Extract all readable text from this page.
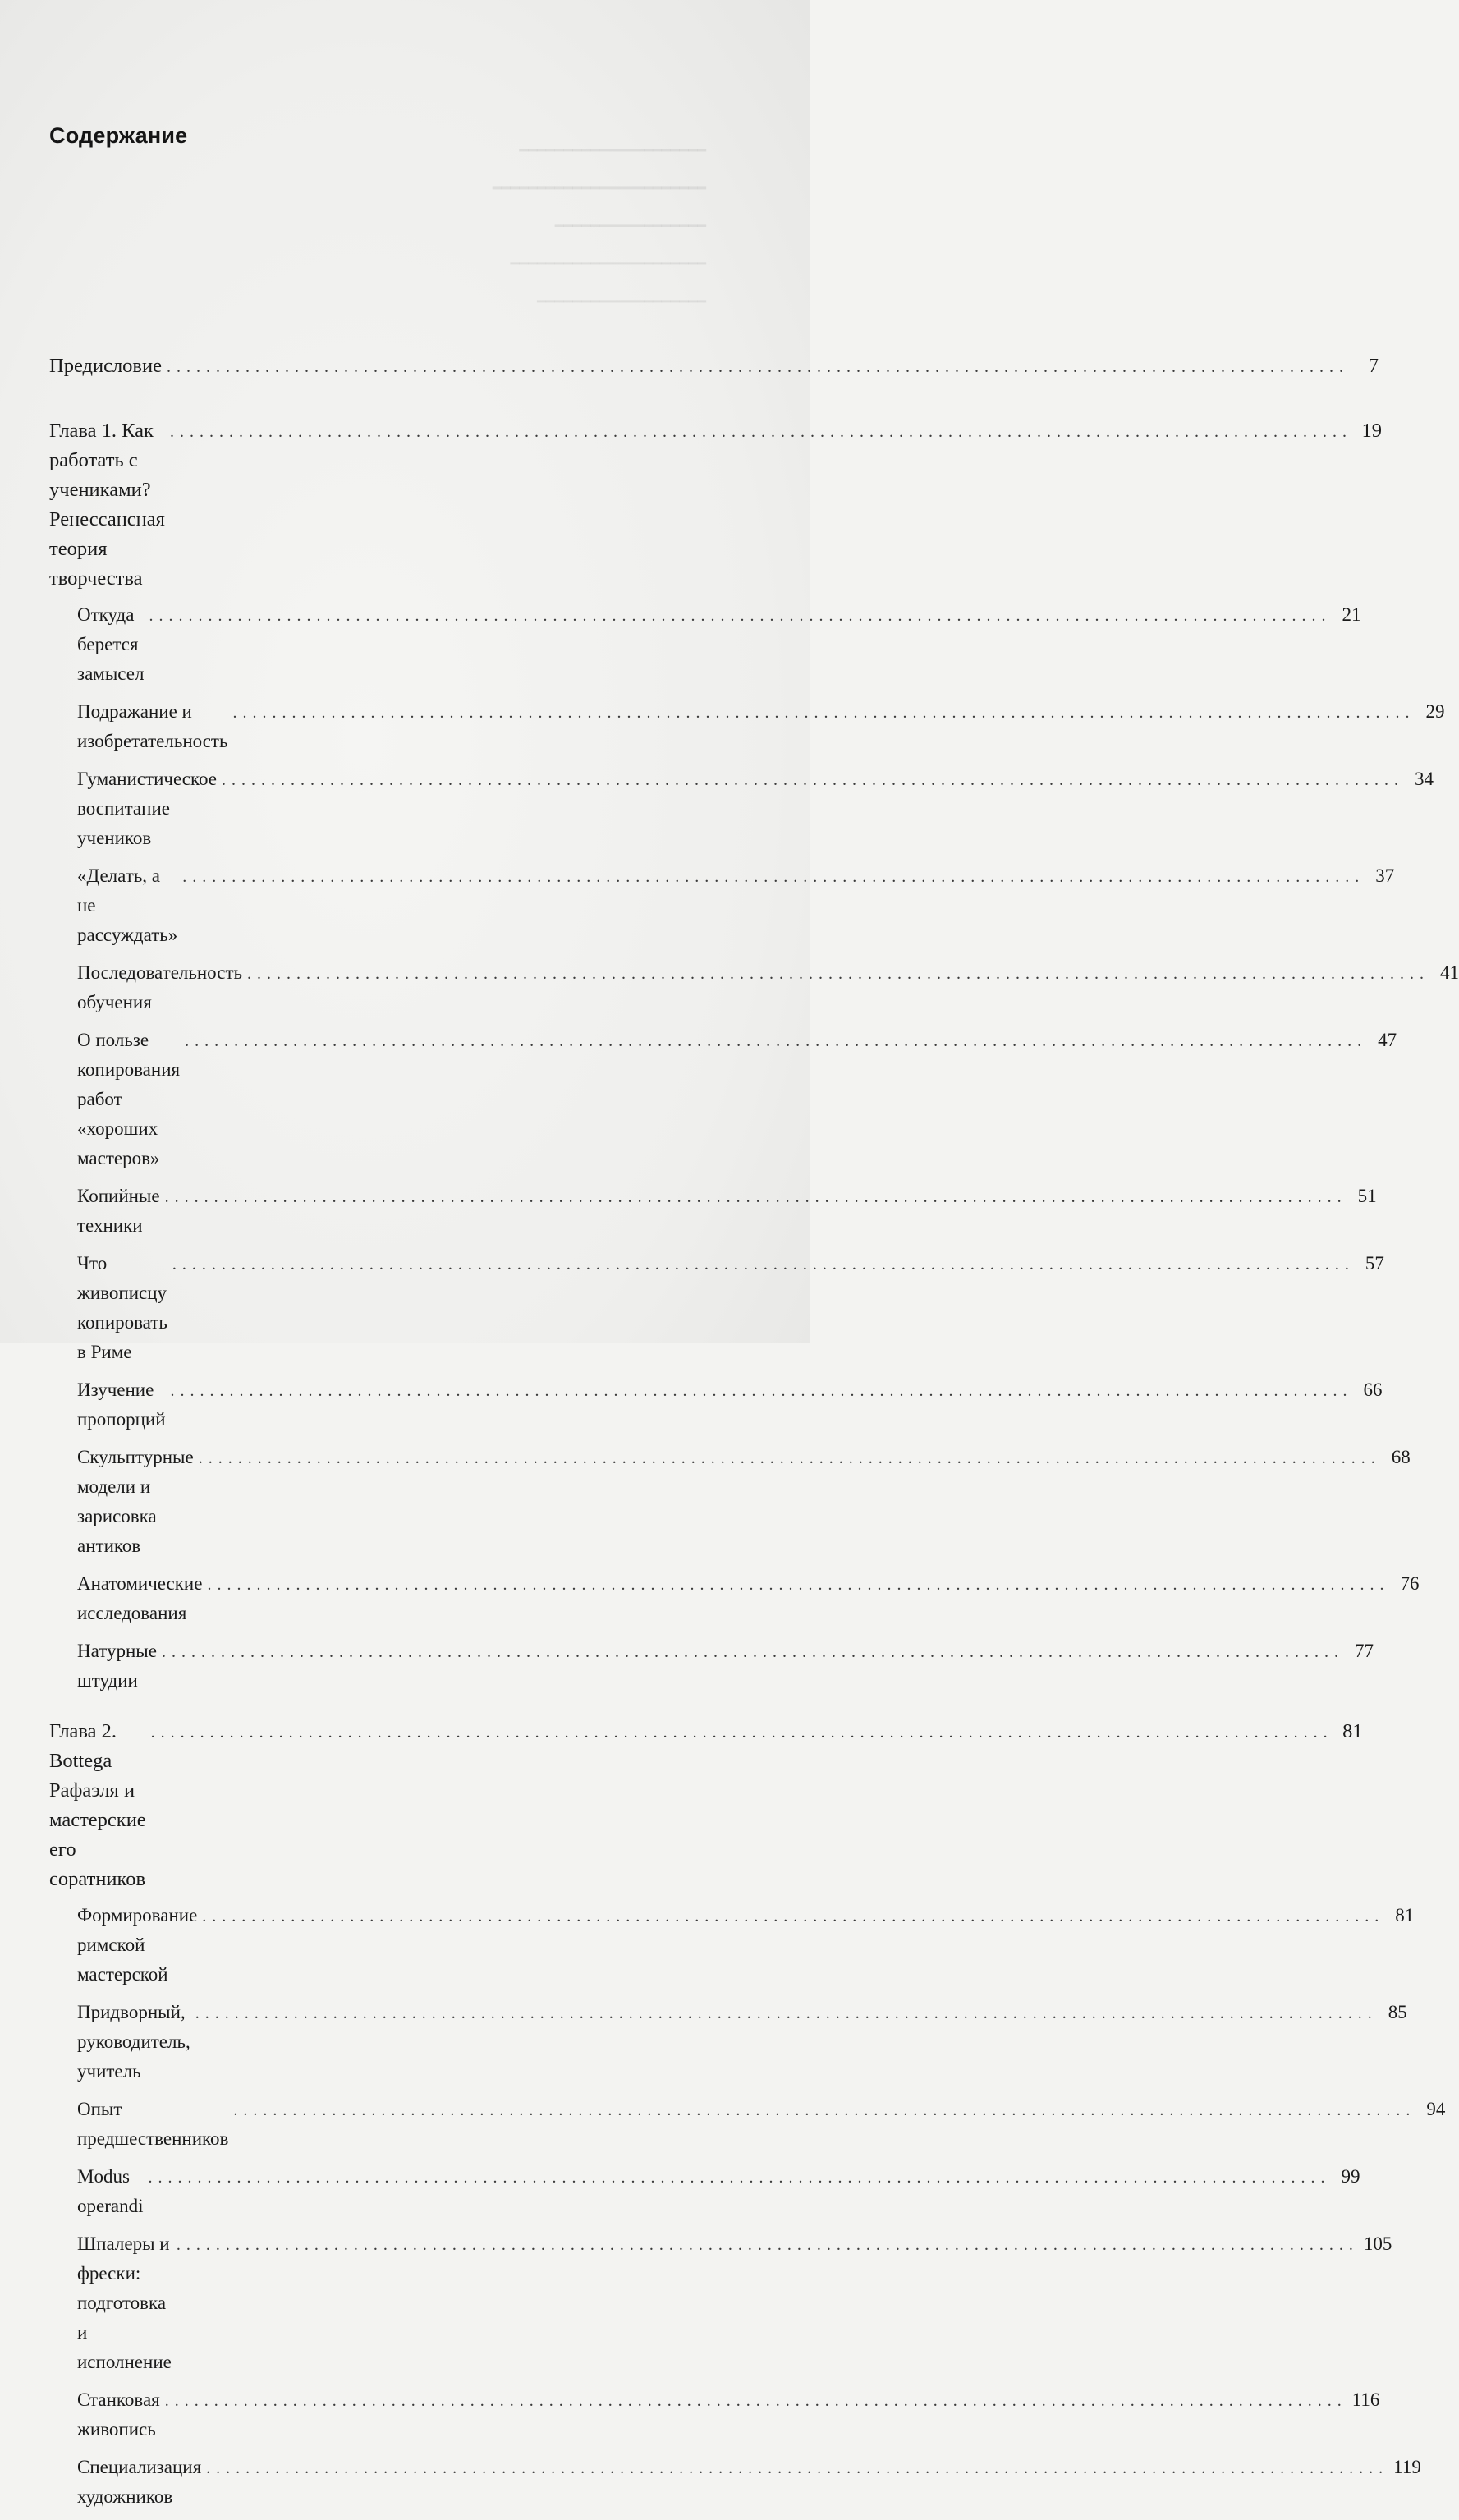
Содержание
Предисловие ........................................................................................................................ 7
Глава 1. Как работать с учениками?
Ренессансная теория творчества
........................................................................................................................ 19
Откуда берется замысел
........................................................................................................................ 21
Подражание и изобретательность
........................................................................................................................ 29
Гуманистическое воспитание учеников
........................................................................................................................ 34
«Делать, а не рассуждать»
........................................................................................................................ 37
Последовательность обучения
........................................................................................................................ 41
О пользе копирования работ «хороших мастеров»
........................................................................................................................ 47
Копийные техники
........................................................................................................................ 51
Что живописцу копировать в Риме
........................................................................................................................ 57
Изучение пропорций
........................................................................................................................ 66
Скульптурные модели и зарисовка антиков
........................................................................................................................ 68
Анатомические исследования
........................................................................................................................ 76
Натурные штудии
........................................................................................................................ 77
Глава 2. Bottega Рафаэля и мастерские
его соратников
........................................................................................................................ 81
Формирование римской мастерской
........................................................................................................................ 81
Придворный, руководитель, учитель
........................................................................................................................ 85
Опыт предшественников
........................................................................................................................ 94
Modus operandi
........................................................................................................................ 99
Шпалеры и фрески: подготовка и исполнение
........................................................................................................................ 105
Станковая живопись
........................................................................................................................ 116
Специализация художников
........................................................................................................................ 119
